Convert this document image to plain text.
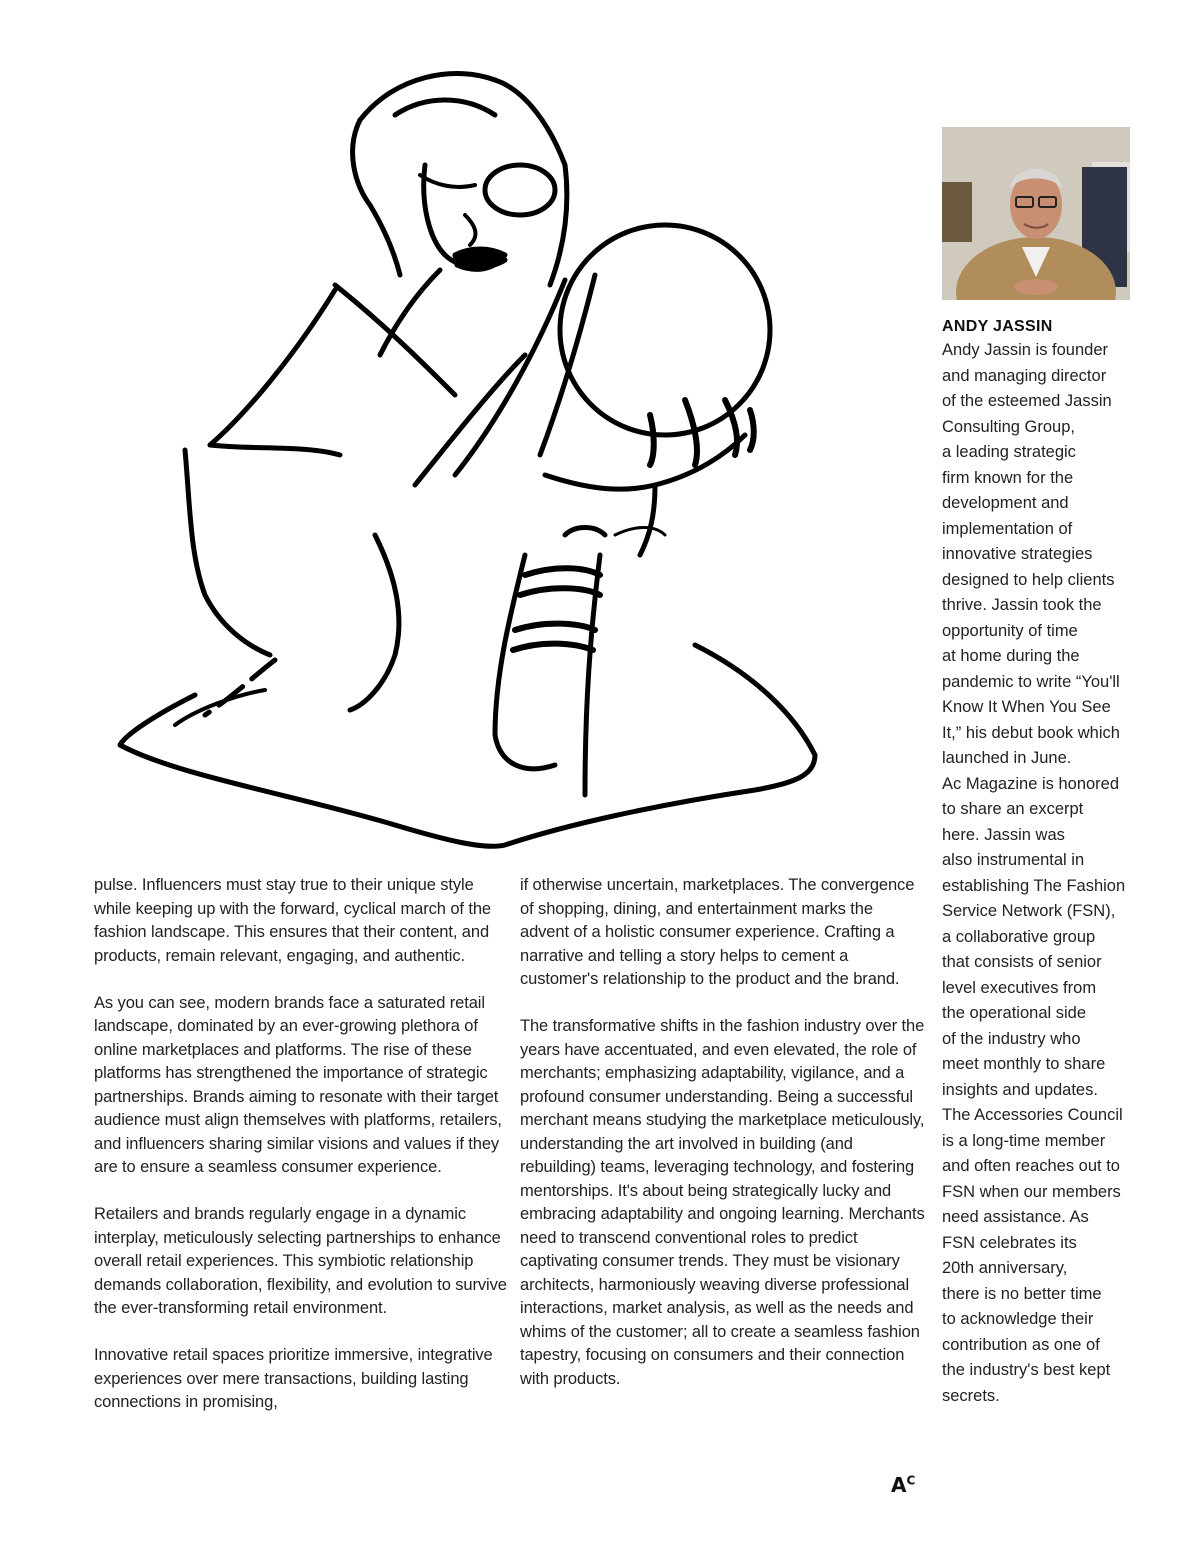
pulse. Influencers must stay true to their unique style while keeping up with the forward, cyclical march of the fashion landscape. This ensures that their content, and products, remain relevant, engaging, and authentic.

As you can see, modern brands face a saturated retail landscape, dominated by an ever-growing plethora of online marketplaces and platforms. The rise of these platforms has strengthened the importance of strategic partnerships. Brands aiming to resonate with their target audience must align themselves with platforms, retailers, and influencers sharing similar visions and values if they are to ensure a seamless consumer experience.

Retailers and brands regularly engage in a dynamic interplay, meticulously selecting partnerships to enhance overall retail experiences. This symbiotic relationship demands collaboration, flexibility, and evolution to survive the ever-transforming retail environment.

Innovative retail spaces prioritize immersive, integrative experiences over mere transactions, building lasting connections in promising,

if otherwise uncertain, marketplaces. The convergence of shopping, dining, and entertainment marks the advent of a holistic consumer experience. Crafting a narrative and telling a story helps to cement a customer's relationship to the product and the brand.

The transformative shifts in the fashion industry over the years have accentuated, and even elevated, the role of merchants; emphasizing adaptability, vigilance, and a profound consumer understanding. Being a successful merchant means studying the marketplace meticulously, understanding the art involved in building (and rebuilding) teams, leveraging technology, and fostering mentorships. It's about being strategically lucky and embracing adaptability and ongoing learning. Merchants need to transcend conventional roles to predict captivating consumer trends. They must be visionary architects, harmoniously weaving diverse professional interactions, market analysis, as well as the needs and whims of the customer; all to create a seamless fashion tapestry, focusing on consumers and their connection with products.

ANDY JASSIN
Andy Jassin is founder
and managing director
of the esteemed Jassin
Consulting Group,
a leading strategic
firm known for the
development and
implementation of
innovative strategies
designed to help clients
thrive. Jassin took the
opportunity of time
at home during the
pandemic to write “You'll
Know It When You See
It,” his debut book which
launched in June.
Ac Magazine is honored
to share an excerpt
here. Jassin was
also instrumental in
establishing The Fashion
Service Network (FSN),
a collaborative group
that consists of senior
level executives from
the operational side
of the industry who
meet monthly to share
insights and updates.
The Accessories Council
is a long-time member
and often reaches out to
FSN when our members
need assistance. As
FSN celebrates its
20th anniversary,
there is no better time
to acknowledge their
contribution as one of
the industry's best kept
secrets.
$A^C$
